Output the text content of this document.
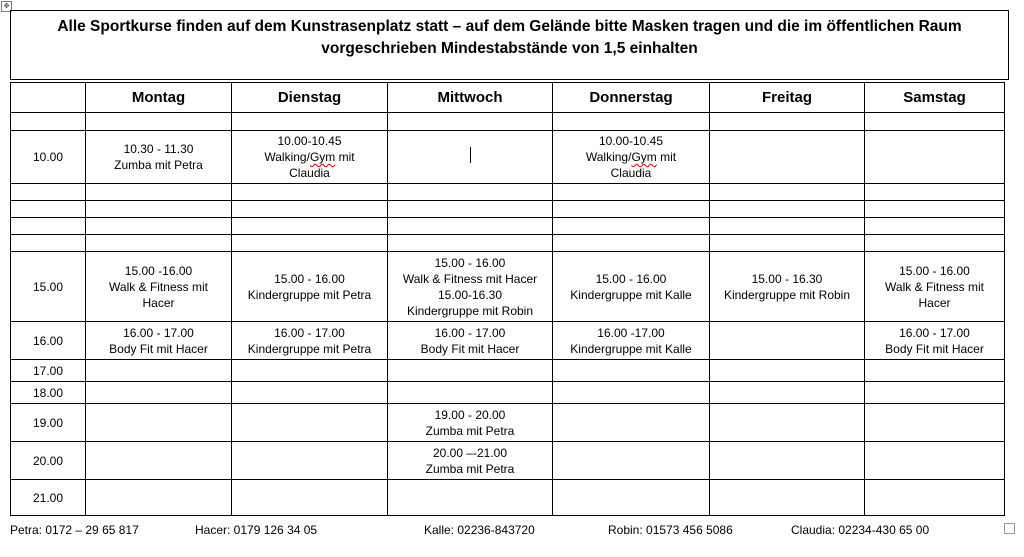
✥
Alle Sportkurse finden auf dem Kunstrasenplatz statt – auf dem Gelände bitte Masken tragen und die im öffentlichen Raum
vorgeschrieben Mindestabstände von 1,5 einhalten
	Montag	Dienstag	Mittwoch	Donnerstag	Freitag	Samstag

10.00	10.30 - 11.30
Zumba mit Petra	10.00-10.45
Walking/Gym mit
Claudia		10.00-10.45
Walking/Gym mit
Claudia		

15.00	15.00 -16.00
Walk & Fitness mit
Hacer	15.00 - 16.00
Kindergruppe mit Petra	15.00 - 16.00
Walk & Fitness mit Hacer
15.00-16.30
Kindergruppe mit Robin	15.00 - 16.00
Kindergruppe mit Kalle	15.00 - 16.30
Kindergruppe mit Robin	15.00 - 16.00
Walk & Fitness mit
Hacer

16.00	16.00 - 17.00
Body Fit mit Hacer	16.00 - 17.00
Kindergruppe mit Petra	16.00 - 17.00
Body Fit mit Hacer	16.00 -17.00
Kindergruppe mit Kalle		16.00 - 17.00
Body Fit mit Hacer

17.00						
18.00						
19.00			19.00 - 20.00
Zumba mit Petra			

20.00			20.00 –-21.00
Zumba mit Petra			

21.00						
Petra: 0172 – 29 65 817	Hacer: 0179 126 34 05	Kalle: 02236-843720	Robin: 01573 456 5086	Claudia: 02234-430 65 00
